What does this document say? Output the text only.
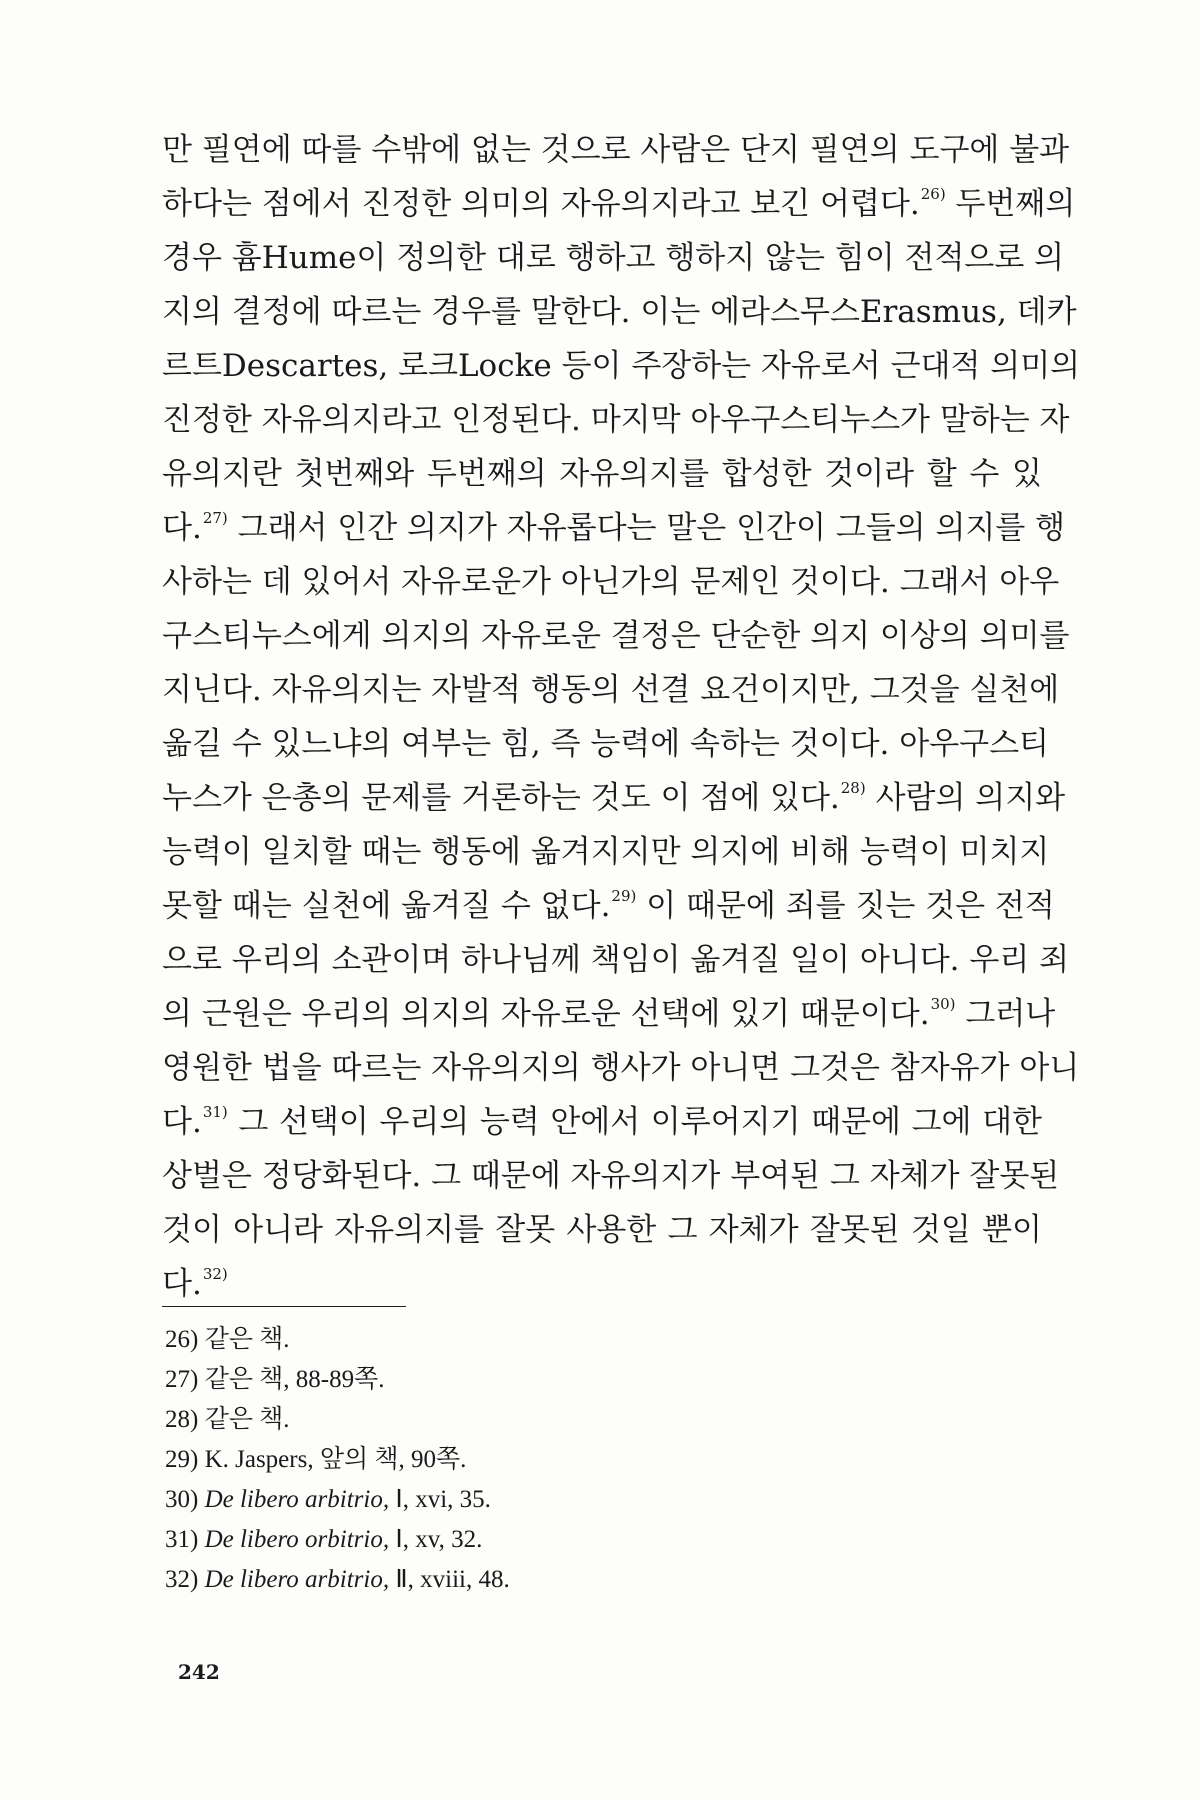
만 필연에 따를 수밖에 없는 것으로 사람은 단지 필연의 도구에 불과
하다는 점에서 진정한 의미의 자유의지라고 보긴 어렵다.$^{26)}$ 두번째의
경우 흄Hume이 정의한 대로 행하고 행하지 않는 힘이 전적으로 의
지의 결정에 따르는 경우를 말한다. 이는 에라스무스Erasmus, 데카
르트Descartes, 로크Locke 등이 주장하는 자유로서 근대적 의미의
진정한 자유의지라고 인정된다. 마지막 아우구스티누스가 말하는 자
유의지란 첫번째와 두번째의 자유의지를 합성한 것이라 할 수 있
다.$^{27)}$ 그래서 인간 의지가 자유롭다는 말은 인간이 그들의 의지를 행
사하는 데 있어서 자유로운가 아닌가의 문제인 것이다. 그래서 아우
구스티누스에게 의지의 자유로운 결정은 단순한 의지 이상의 의미를
지닌다. 자유의지는 자발적 행동의 선결 요건이지만, 그것을 실천에
옮길 수 있느냐의 여부는 힘, 즉 능력에 속하는 것이다. 아우구스티
누스가 은총의 문제를 거론하는 것도 이 점에 있다.$^{28)}$ 사람의 의지와
능력이 일치할 때는 행동에 옮겨지지만 의지에 비해 능력이 미치지
못할 때는 실천에 옮겨질 수 없다.$^{29)}$ 이 때문에 죄를 짓는 것은 전적
으로 우리의 소관이며 하나님께 책임이 옮겨질 일이 아니다. 우리 죄
의 근원은 우리의 의지의 자유로운 선택에 있기 때문이다.$^{30)}$ 그러나
영원한 법을 따르는 자유의지의 행사가 아니면 그것은 참자유가 아니
다.$^{31)}$ 그 선택이 우리의 능력 안에서 이루어지기 때문에 그에 대한
상벌은 정당화된다. 그 때문에 자유의지가 부여된 그 자체가 잘못된
것이 아니라 자유의지를 잘못 사용한 그 자체가 잘못된 것일 뿐이
26) 같은 책.
27) 같은 책, 88-89쪽.
28) 같은 책.
29) K. Jaspers, 앞의 책, 90쪽.
30) De libero arbitrio, Ⅰ, xvi, 35.
31) De libero orbitrio, Ⅰ, xv, 32.
32) De libero arbitrio, Ⅱ, xviii, 48.
242
다.$^{32)}$
